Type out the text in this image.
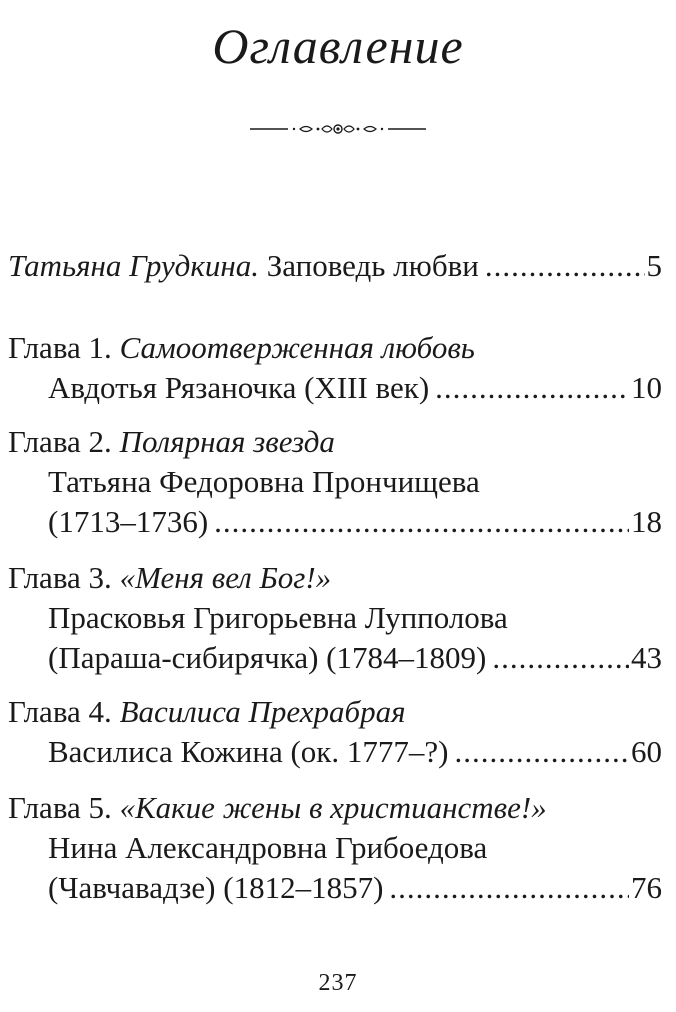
Оглавление
Татьяна Грудкина.
Заповедь любви .....	5
Глава 1. Самоотверженная любовь
Авдотья Рязаночка (XIII век) .....	10
Глава 2. Полярная звезда
Татьяна Федоровна Прончищева
(1713–1736) .....	18
Глава 3. «Меня вел Бог!»
Прасковья Григорьевна Лупполова
(Параша-сибирячка) (1784–1809) .....	43
Глава 4. Василиса Прехрабрая
Василиса Кожина (ок. 1777–?) .....	60
Глава 5. «Какие жены в христианстве!»
Нина Александровна Грибоедова
(Чавчавадзе) (1812–1857) .....	76
237
